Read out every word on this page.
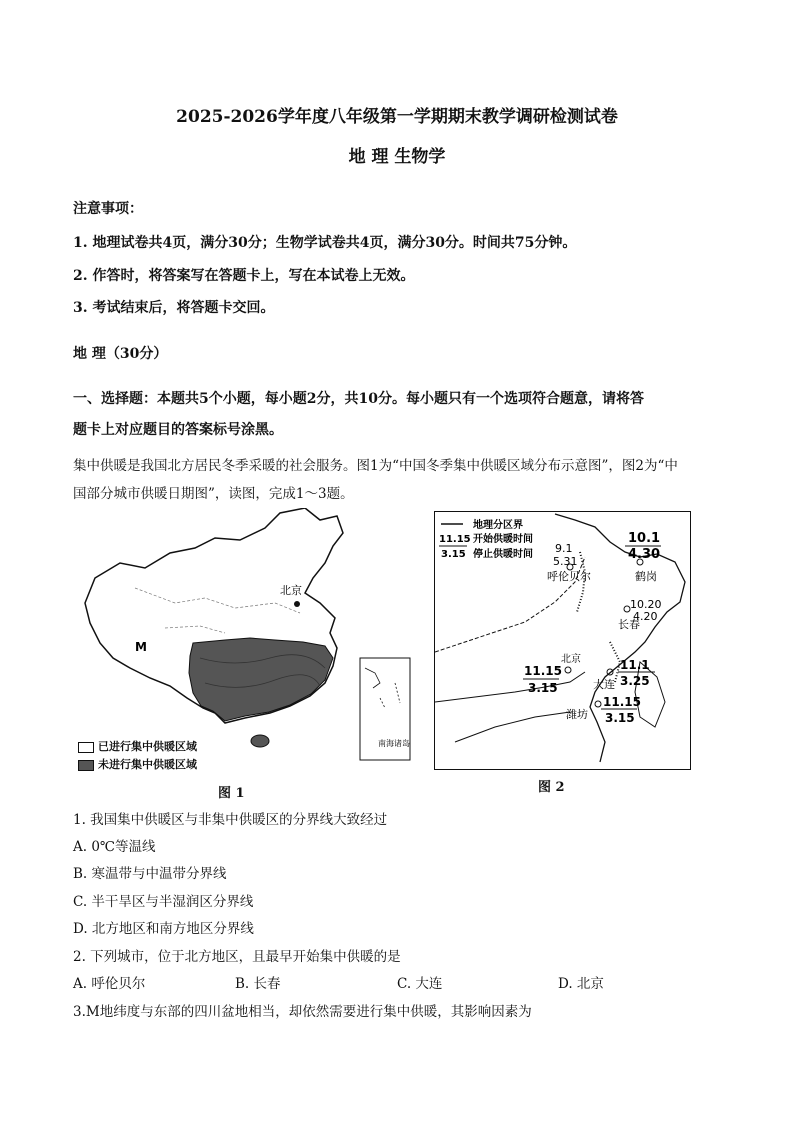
2025-2026学年度八年级第一学期期末教学调研检测试卷
地 理 生物学
注意事项：
1. 地理试卷共4页，满分30分；生物学试卷共4页，满分30分。时间共75分钟。
2. 作答时，将答案写在答题卡上，写在本试卷上无效。
3. 考试结束后，将答题卡交回。
地 理（30分）
一、选择题：本题共5个小题，每小题2分，共10分。每小题只有一个选项符合题意，请将答
题卡上对应题目的答案标号涂黑。
集中供暖是我国北方居民冬季采暖的社会服务。图1为“中国冬季集中供暖区域分布示意图”，图2为“中
国部分城市供暖日期图”，读图，完成1～3题。
北京
M
南海诸岛
已进行集中供暖区域
未进行集中供暖区域
图 1
地理分区界
11.15 开始供暖时间
3.15 停止供暖时间 9.1
5.31
呼伦贝尔
10.1
4.30
鹤岗
10.20
4.20
长春
北京
11.15
3.15
11.1
3.25
大连
11.15
3.15
潍坊
图 2
1. 我国集中供暖区与非集中供暖区的分界线大致经过
A. 0℃等温线
B. 寒温带与中温带分界线
C. 半干旱区与半湿润区分界线
D. 北方地区和南方地区分界线
2. 下列城市，位于北方地区，且最早开始集中供暖的是
A. 呼伦贝尔	B. 长春	C. 大连	D. 北京
3.M地纬度与东部的四川盆地相当，却依然需要进行集中供暖，其影响因素为
